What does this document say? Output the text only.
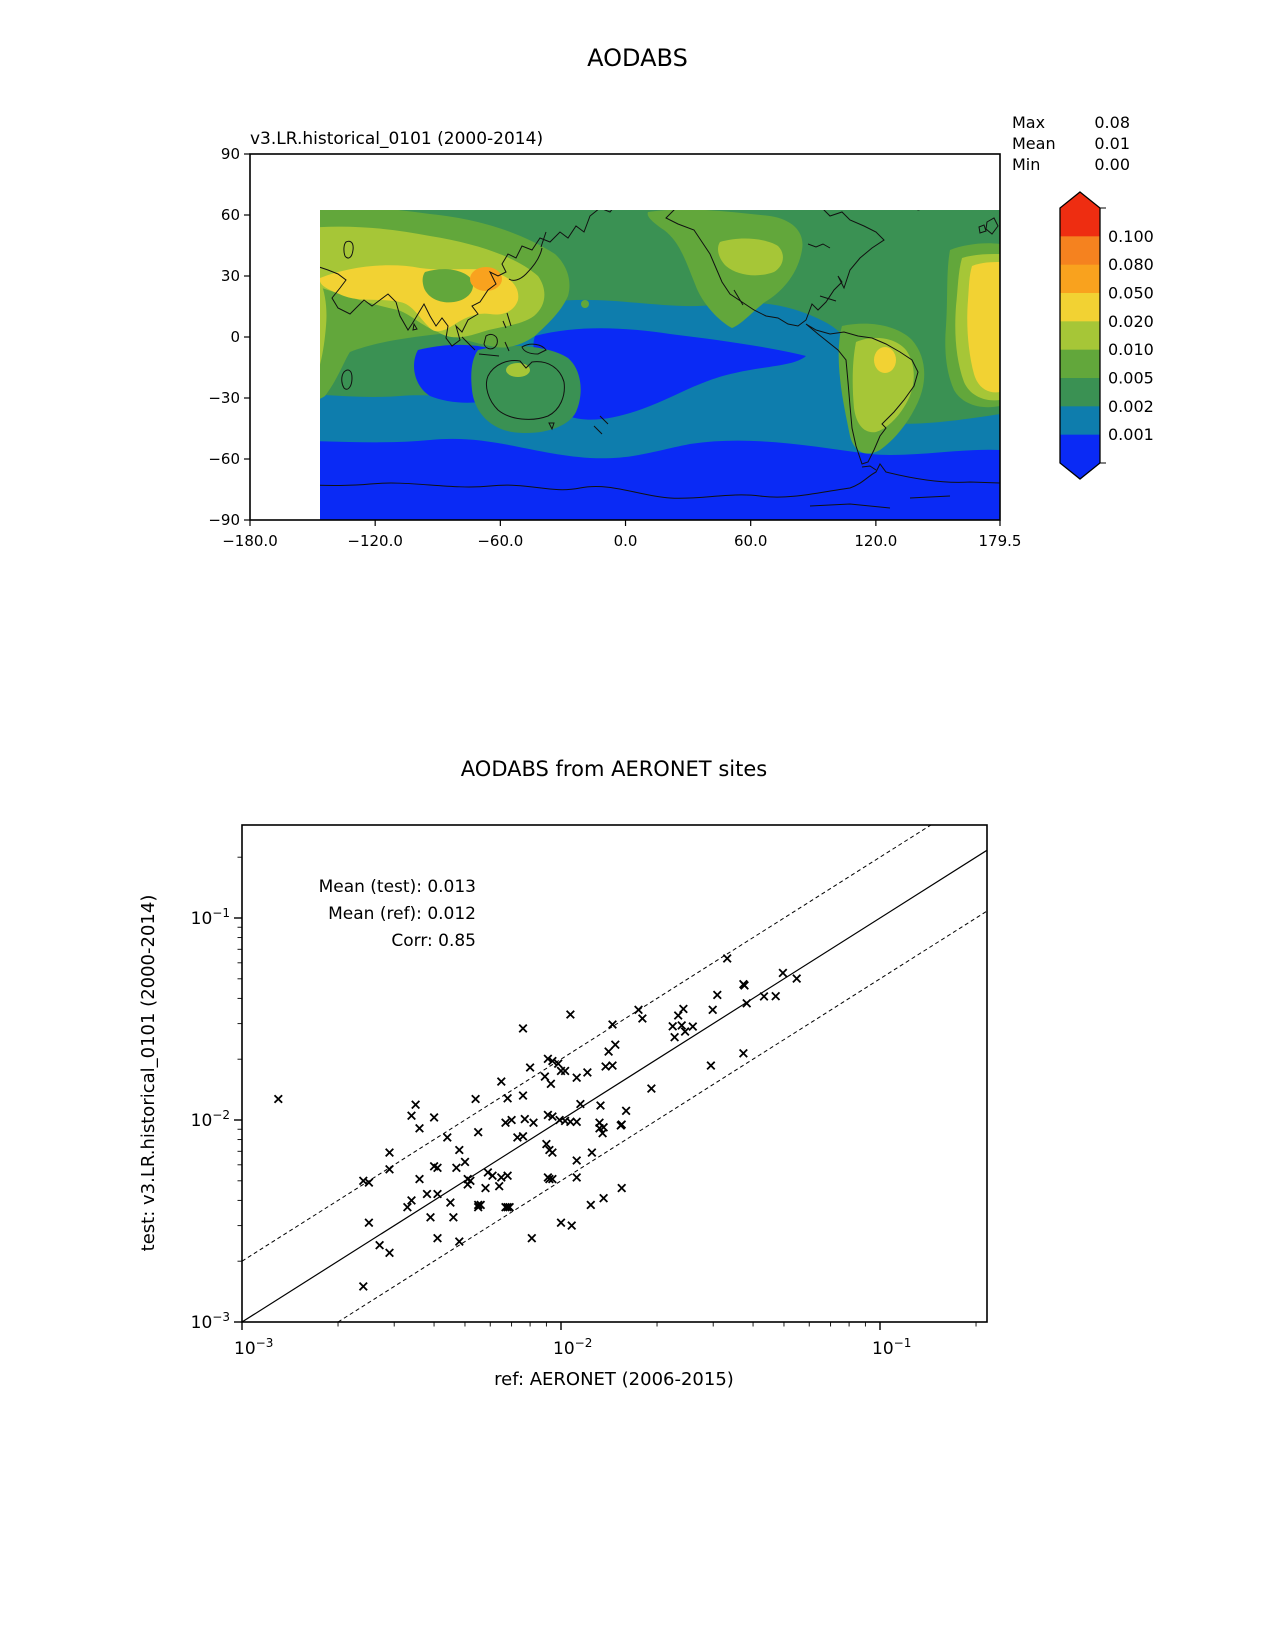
AODABS
v3.LR.historical_0101 (2000-2014)
−180.0	−120.0	−60.0	0.0	60.0	120.0	179.5
90
60
30
0
−30
−60
−90
Max	0.08
Mean 0.01
Min	0.00
0.100
0.080
0.050
0.020
0.010
0.005
0.002
0.001
AODABS from AERONET sites
Mean (test): 0.013
Mean (ref): 0.012
Corr: 0.85
$10^{-3}$
$10^{-3}$
$10^{-2}$
$10^{-2}$
$10^{-1}$
$10^{-1}$
ref: AERONET (2006-2015)
test: v3.LR.historical_0101 (2000-2014)
